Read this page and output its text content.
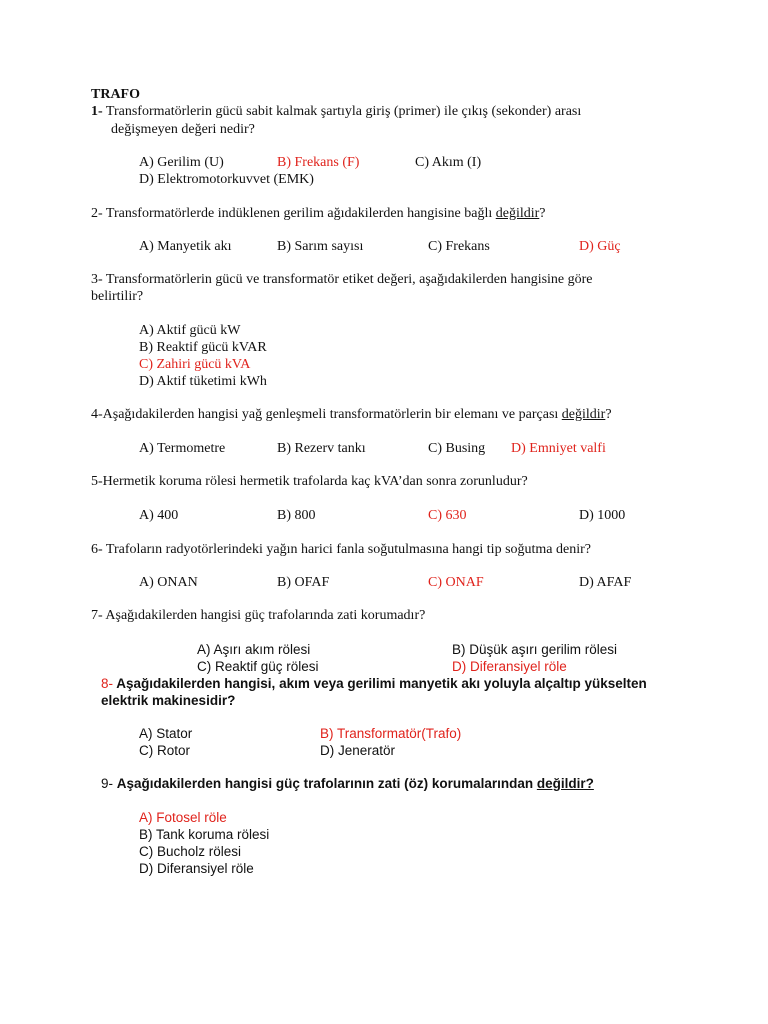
TRAFO
1- Transformatörlerin gücü sabit kalmak şartıyla giriş (primer) ile çıkış (sekonder) arası
değişmeyen değeri nedir?
A) Gerilim (U)	B) Frekans (F)	C) Akım (I)
D) Elektromotorkuvvet (EMK)
2- Transformatörlerde indüklenen gerilim ağıdakilerden hangisine bağlı değildir?
A) Manyetik akı	B) Sarım sayısı	C) Frekans	D) Güç
3- Transformatörlerin gücü ve transformatör etiket değeri, aşağıdakilerden hangisine göre
belirtilir?
A) Aktif gücü kW
B) Reaktif gücü kVAR
C) Zahiri gücü kVA
D) Aktif tüketimi kWh
4-Aşağıdakilerden hangisi yağ genleşmeli transformatörlerin bir elemanı ve parçası değildir?
A) Termometre	B) Rezerv tankı	C) Busing D) Emniyet valfi
5-Hermetik koruma rölesi hermetik trafolarda kaç kVA’dan sonra zorunludur?
A) 400	B) 800	C) 630	D) 1000
6- Trafoların radyotörlerindeki yağın harici fanla soğutulmasına hangi tip soğutma denir?
A) ONAN	B) OFAF	C) ONAF	D) AFAF
7- Aşağıdakilerden hangisi güç trafolarında zati korumadır?
A) Aşırı akım rölesi	B) Düşük aşırı gerilim rölesi
C) Reaktif güç rölesi	D) Diferansiyel röle
8- Aşağıdakilerden hangisi, akım veya gerilimi manyetik akı yoluyla alçaltıp yükselten
elektrik makinesidir?
A) Stator	B) Transformatör(Trafo)
C) Rotor	D) Jeneratör
9- Aşağıdakilerden hangisi güç trafolarının zati (öz) korumalarından değildir?
A) Fotosel röle
B) Tank koruma rölesi
C) Bucholz rölesi
D) Diferansiyel röle
